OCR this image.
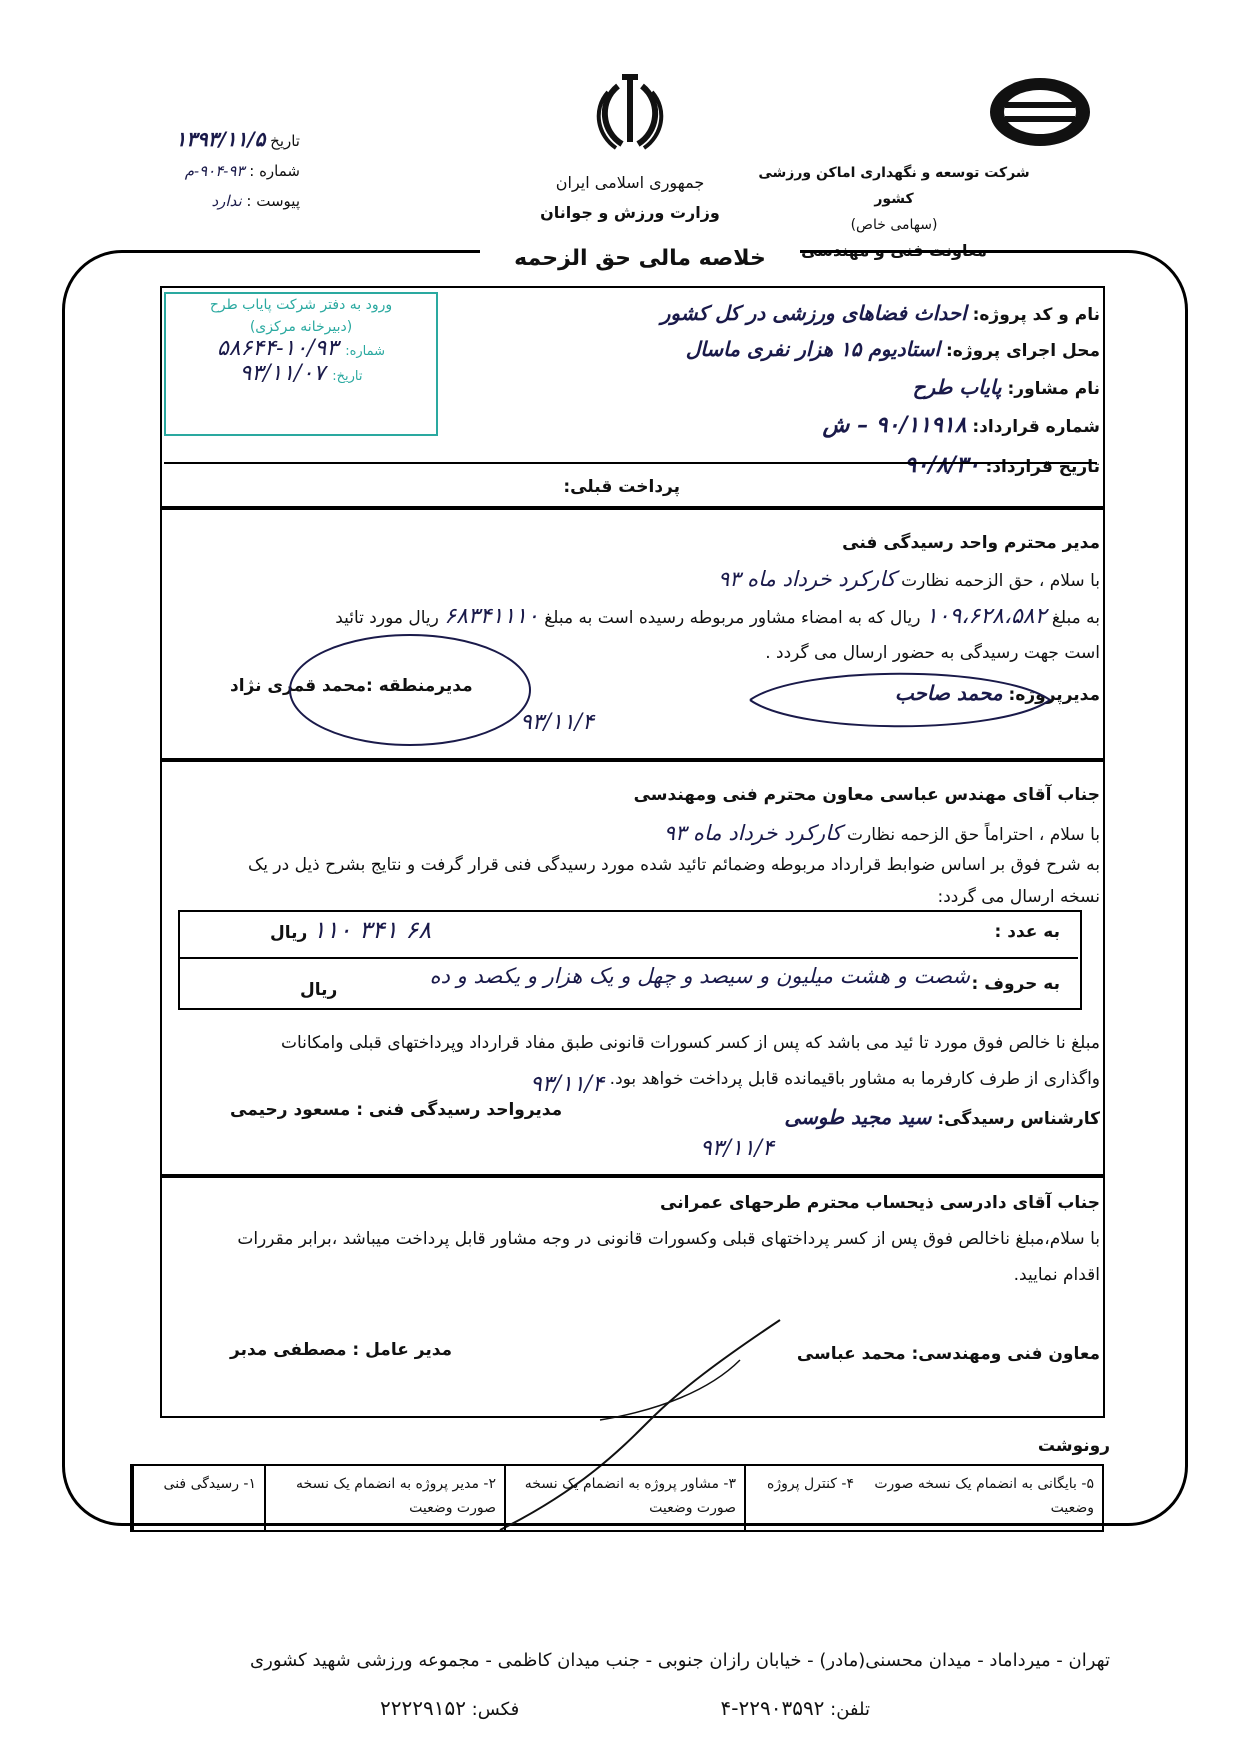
شرکت توسعه و نگهداری اماکن ورزشی کشور
(سهامی خاص)
معاونت فنی و مهندسی
جمهوری اسلامی ایران
وزارت ورزش و جوانان
تاریخ ۱۳۹۳/۱۱/۵
شماره : ۹۳-۹۰۴-م
پیوست : ندارد
خلاصه مالی حق الزحمه
ورود به دفتر شرکت پایاب طرح
(دبیرخانه مرکزی)
شماره: ۱۰/۹۳-۵۸۶۴۴
تاریخ: ۹۳/۱۱/۰۷
نام و کد پروژه: احداث فضاهای ورزشی در کل کشور
محل اجرای پروژه: استادیوم ۱۵ هزار نفری ماسال
نام مشاور: پایاب طرح
شماره قرارداد: ۹۰/۱۱۹۱۸ – ش
تاریخ قرارداد: ۹۰/۸/۳۰
پرداخت قبلی:
مدیر محترم واحد رسیدگی فنی
با سلام ، حق الزحمه نظارت کارکرد خرداد ماه ۹۳
به مبلغ ۱۰۹،۶۲۸،۵۸۲ ریال که به امضاء مشاور مربوطه رسیده است به مبلغ ۶۸۳۴۱۱۱۰ ریال مورد تائید
است جهت رسیدگی به حضور ارسال می گردد .
مدیرپروژه: محمد صاحب
مدیرمنطقه :محمد قمری نژاد
۹۳/۱۱/۴
جناب آقای مهندس عباسی معاون محترم فنی ومهندسی
با سلام ، احتراماً حق الزحمه نظارت کارکرد خرداد ماه ۹۳
به شرح فوق بر اساس ضوابط قرارداد مربوطه وضمائم تائید شده مورد رسیدگی فنی قرار گرفت و نتایج بشرح ذیل در یک
نسخه ارسال می گردد:
به عدد :
۶۸ ۳۴۱ ۱۱۰ ریال
به حروف :
شصت و هشت میلیون و سیصد و چهل و یک هزار و یکصد و ده
ریال
مبلغ نا خالص فوق مورد تا ئید می باشد که پس از کسر کسورات قانونی طبق مفاد قرارداد وپرداختهای قبلی وامکانات
واگذاری از طرف کارفرما به مشاور باقیمانده قابل پرداخت خواهد بود.
کارشناس رسیدگی: سید مجید طوسی
مدیرواحد رسیدگی فنی : مسعود رحیمی
۹۳/۱۱/۴
۹۳/۱۱/۴
جناب آقای دادرسی ذیحساب محترم طرحهای عمرانی
با سلام،مبلغ ناخالص فوق پس از کسر پرداختهای قبلی وکسورات قانونی در وجه مشاور قابل پرداخت میباشد ،برابر مقررات
اقدام نمایید.
معاون فنی ومهندسی: محمد عباسی
مدیر عامل : مصطفی مدبر
رونوشت
۱- رسیدگی فنی	۲- مدیر پروژه به انضمام یک نسخه صورت وضعیت
۳- مشاور پروژه به انضمام یک نسخه صورت وضعیت
۴- کنترل پروژه	۵- بایگانی به انضمام یک نسخه صورت وضعیت
تهران - میرداماد - میدان محسنی(مادر) - خیابان رازان جنوبی - جنب میدان کاظمی - مجموعه ورزشی شهید کشوری
تلفن: ۲۲۹۰۳۵۹۲-۴
فکس: ۲۲۲۲۹۱۵۲
